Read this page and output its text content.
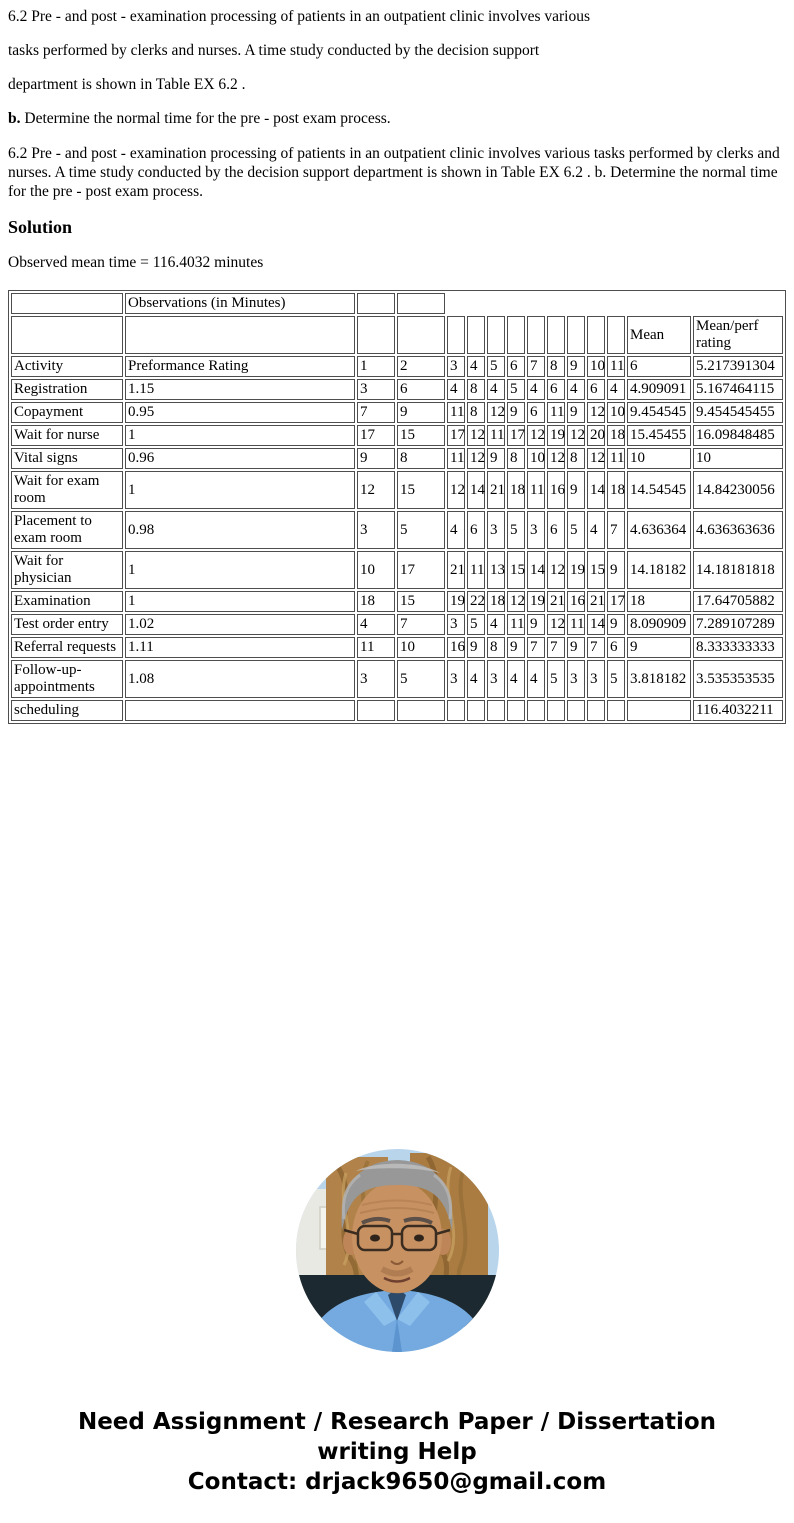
6.2 Pre - and post - examination processing of patients in an outpatient clinic involves various

tasks performed by clerks and nurses. A time study conducted by the decision support

department is shown in Table EX 6.2 .

b. Determine the normal time for the pre - post exam process.

6.2 Pre - and post - examination processing of patients in an outpatient clinic involves various tasks performed by clerks and nurses. A time study conducted by the decision support department is shown in Table EX 6.2 . b. Determine the normal time for the pre - post exam process.

Solution

Observed mean time = 116.4032 minutes

	Observations (in Minutes)													
													Mean	Mean/perf rating
Activity	Preformance Rating	1	2	3	4	5	6	7	8	9	10	11	6	5.217391304
Registration	1.15	3	6	4	8	4	5	4	6	4	6	4	4.909091	5.167464115
Copayment	0.95	7	9	11	8	12	9	6	11	9	12	10	9.454545	9.454545455
Wait for nurse	1	17	15	17	12	11	17	12	19	12	20	18	15.45455	16.09848485
Vital signs	0.96	9	8	11	12	9	8	10	12	8	12	11	10	10
Wait for exam room	1	12	15	12	14	21	18	11	16	9	14	18	14.54545	14.84230056
Placement to exam room	0.98	3	5	4	6	3	5	3	6	5	4	7	4.636364	4.636363636
Wait for physician	1	10	17	21	11	13	15	14	12	19	15	9	14.18182	14.18181818
Examination	1	18	15	19	22	18	12	19	21	16	21	17	18	17.64705882
Test order entry	1.02	4	7	3	5	4	11	9	12	11	14	9	8.090909	7.289107289
Referral requests	1.11	11	10	16	9	8	9	7	7	9	7	6	9	8.333333333
Follow-up-appointments	1.08	3	5	3	4	3	4	4	5	3	3	5	3.818182	3.535353535
scheduling														116.4032211
Need Assignment / Research Paper / Dissertation
writing Help
Contact: drjack9650@gmail.com
